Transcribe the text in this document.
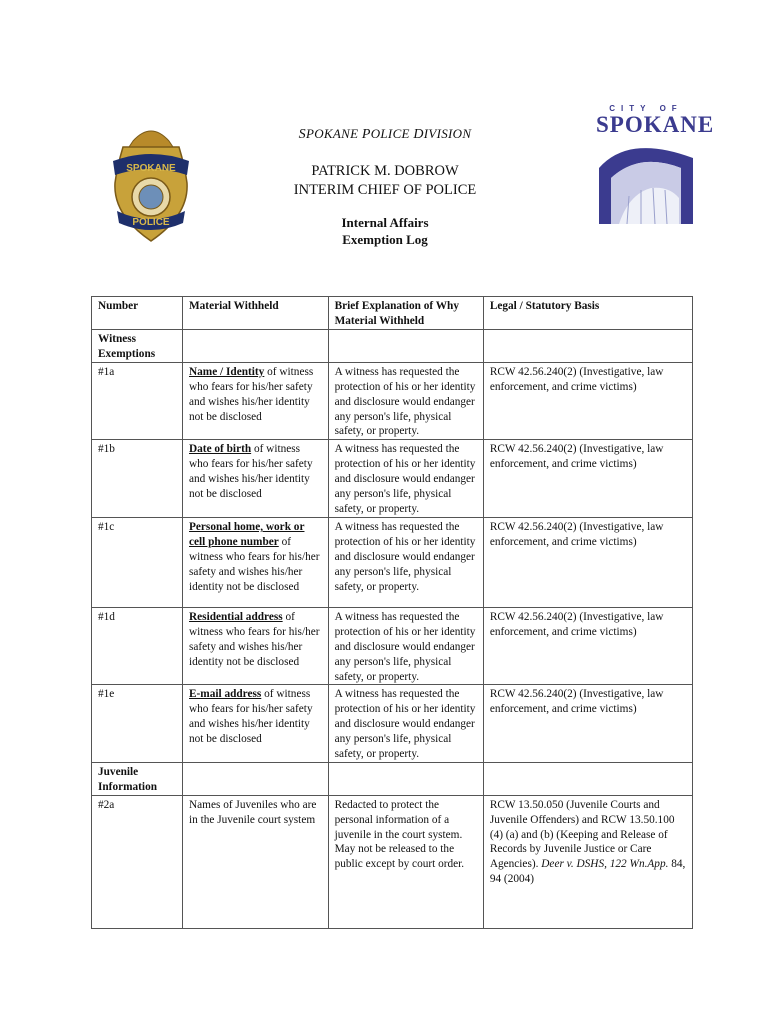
SPOKANE
POLICE
CITY OF
SPOKANE
SPOKANE POLICE DIVISION
PATRICK M. DOBROW
INTERIM CHIEF OF POLICE
Internal Affairs
Exemption Log
Number	Material Withheld	Brief Explanation of Why Material Withheld	Legal / Statutory Basis
Witness Exemptions			
#1a	Name / Identity of witness who fears for his/her safety and wishes his/her identity not be disclosed	A witness has requested the protection of his or her identity and disclosure would endanger any person's life, physical safety, or property.	RCW 42.56.240(2) (Investigative, law enforcement, and crime victims)
#1b	Date of birth of witness who fears for his/her safety and wishes his/her identity not be disclosed	A witness has requested the protection of his or her identity and disclosure would endanger any person's life, physical safety, or property.	RCW 42.56.240(2) (Investigative, law enforcement, and crime victims)
#1c	Personal home, work or cell phone number of witness who fears for his/her safety and wishes his/her identity not be disclosed	A witness has requested the protection of his or her identity and disclosure would endanger any person's life, physical safety, or property.	RCW 42.56.240(2) (Investigative, law enforcement, and crime victims)
#1d	Residential address of witness who fears for his/her safety and wishes his/her identity not be disclosed	A witness has requested the protection of his or her identity and disclosure would endanger any person's life, physical safety, or property.	RCW 42.56.240(2) (Investigative, law enforcement, and crime victims)
#1e	E-mail address of witness who fears for his/her safety and wishes his/her identity not be disclosed	A witness has requested the protection of his or her identity and disclosure would endanger any person's life, physical safety, or property.	RCW 42.56.240(2) (Investigative, law enforcement, and crime victims)
Juvenile Information			
#2a	Names of Juveniles who are in the Juvenile court system	Redacted to protect the personal information of a juvenile in the court system. May not be released to the public except by court order.	RCW 13.50.050 (Juvenile Courts and Juvenile Offenders) and RCW 13.50.100 (4) (a) and (b) (Keeping and Release of Records by Juvenile Justice or Care Agencies). Deer v. DSHS, 122 Wn.App. 84, 94 (2004)
